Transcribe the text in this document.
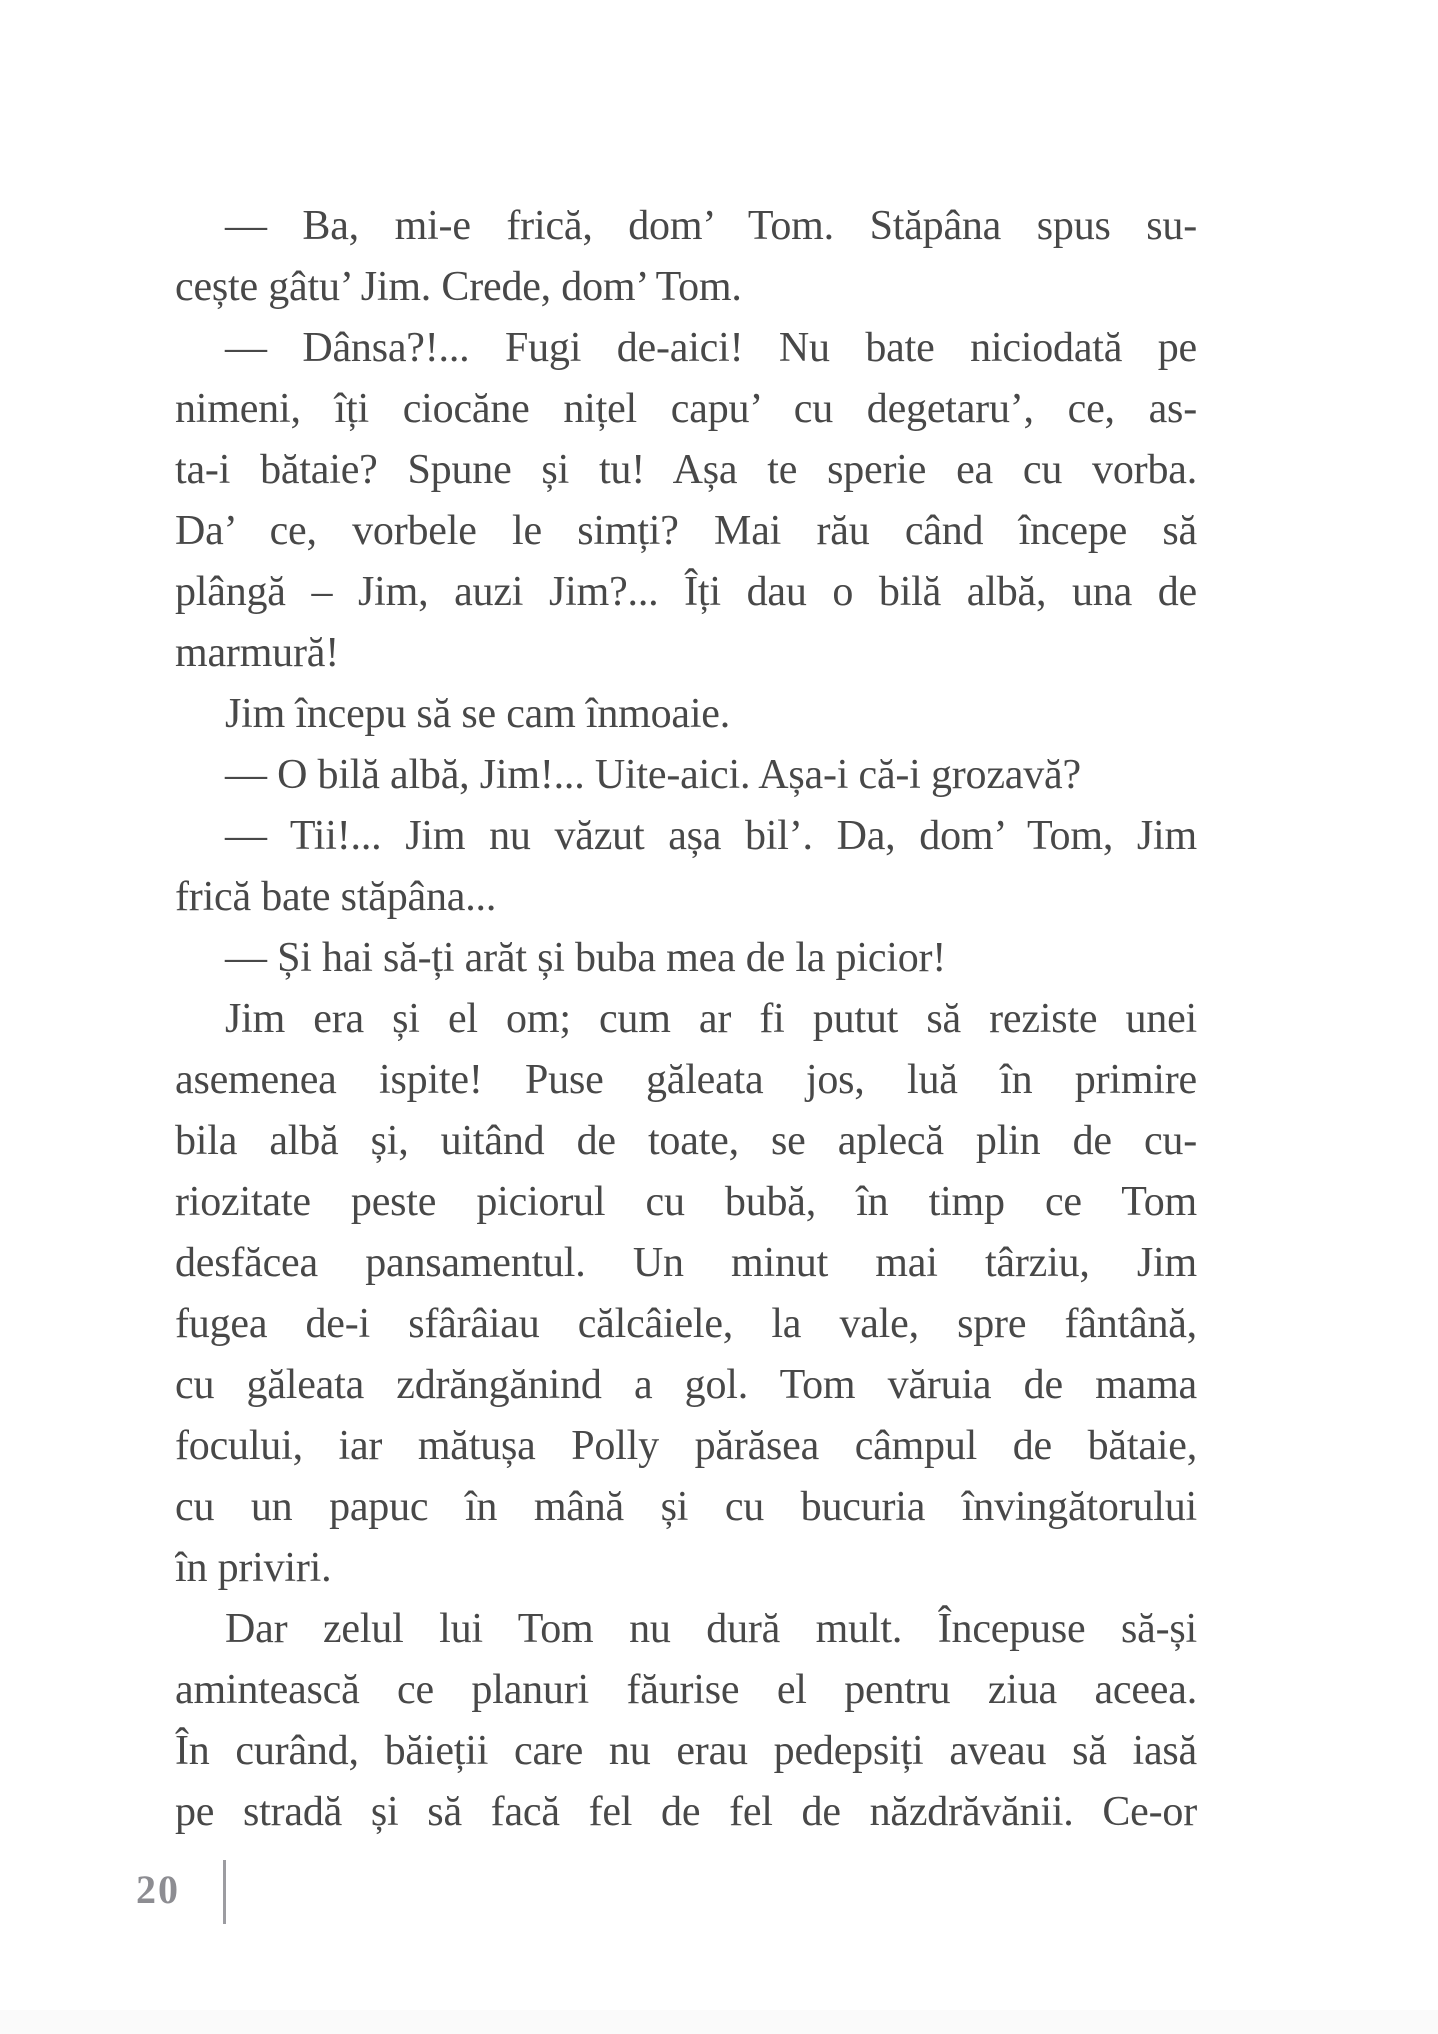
— Ba, mi-e frică, dom’ Tom. Stăpâna spus su-
cește gâtu’ Jim. Crede, dom’ Tom.
— Dânsa?!... Fugi de-aici! Nu bate niciodată pe
nimeni, îți ciocăne nițel capu’ cu degetaru’, ce, as-
ta-i bătaie? Spune și tu! Așa te sperie ea cu vorba.
Da’ ce, vorbele le simți? Mai rău când începe să
plângă – Jim, auzi Jim?... Îți dau o bilă albă, una de
marmură!
Jim începu să se cam înmoaie.
— O bilă albă, Jim!... Uite-aici. Așa-i că-i grozavă?
— Tii!... Jim nu văzut așa bil’. Da, dom’ Tom, Jim
frică bate stăpâna...
— Și hai să-ți arăt și buba mea de la picior!
Jim era și el om; cum ar fi putut să reziste unei
asemenea ispite! Puse găleata jos, luă în primire
bila albă și, uitând de toate, se aplecă plin de cu-
riozitate peste piciorul cu bubă, în timp ce Tom
desfăcea pansamentul. Un minut mai târziu, Jim
fugea de-i sfârâiau călcâiele, la vale, spre fântână,
cu găleata zdrăngănind a gol. Tom văruia de mama
focului, iar mătușa Polly părăsea câmpul de bătaie,
cu un papuc în mână și cu bucuria învingătorului
în priviri.
Dar zelul lui Tom nu dură mult. Începuse să-și
amintească ce planuri făurise el pentru ziua aceea.
În curând, băieții care nu erau pedepsiți aveau să iasă
pe stradă și să facă fel de fel de năzdrăvănii. Ce-or
20
